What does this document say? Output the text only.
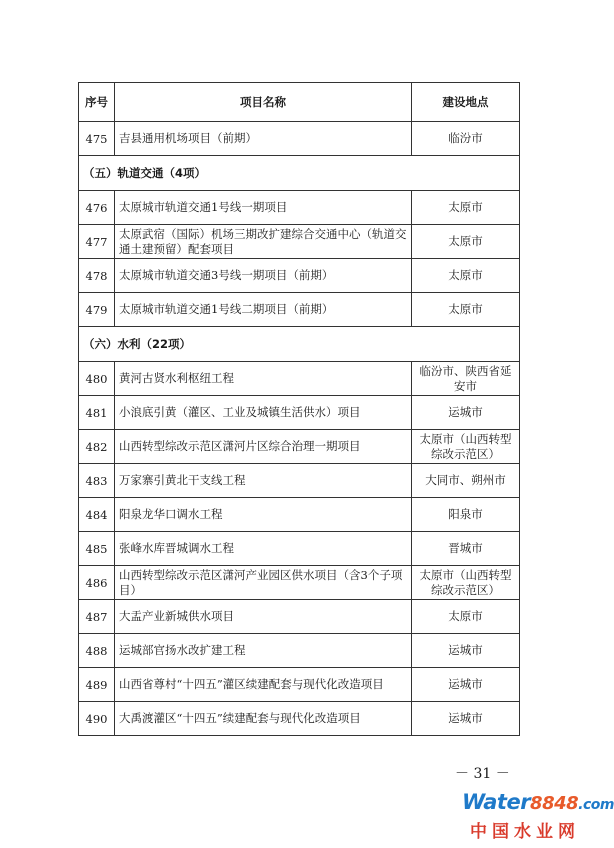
序号	项目名称	建设地点
475	吉县通用机场项目（前期）	临汾市
（五）轨道交通（4项）		
476	太原城市轨道交通1号线一期项目	太原市
477	太原武宿（国际）机场三期改扩建综合交通中心（轨道交通土建预留）配套项目	太原市
478	太原城市轨道交通3号线一期项目（前期）	太原市
479	太原城市轨道交通1号线二期项目（前期）	太原市
（六）水利（22项）		
480	黄河古贤水利枢纽工程	临汾市、陕西省延安市
481	小浪底引黄（灌区、工业及城镇生活供水）项目	运城市
482	山西转型综改示范区潇河片区综合治理一期项目	太原市（山西转型综改示范区）
483	万家寨引黄北干支线工程	大同市、朔州市
484	阳泉龙华口调水工程	阳泉市
485	张峰水库晋城调水工程	晋城市
486	山西转型综改示范区潇河产业园区供水项目（含3个子项目）	太原市（山西转型综改示范区）
487	大盂产业新城供水项目	太原市
488	运城部官扬水改扩建工程	运城市
489	山西省尊村“十四五”灌区续建配套与现代化改造项目	运城市
490	大禹渡灌区“十四五”续建配套与现代化改造项目	运城市
－ 31 －
Water8848.com
中国水业网
